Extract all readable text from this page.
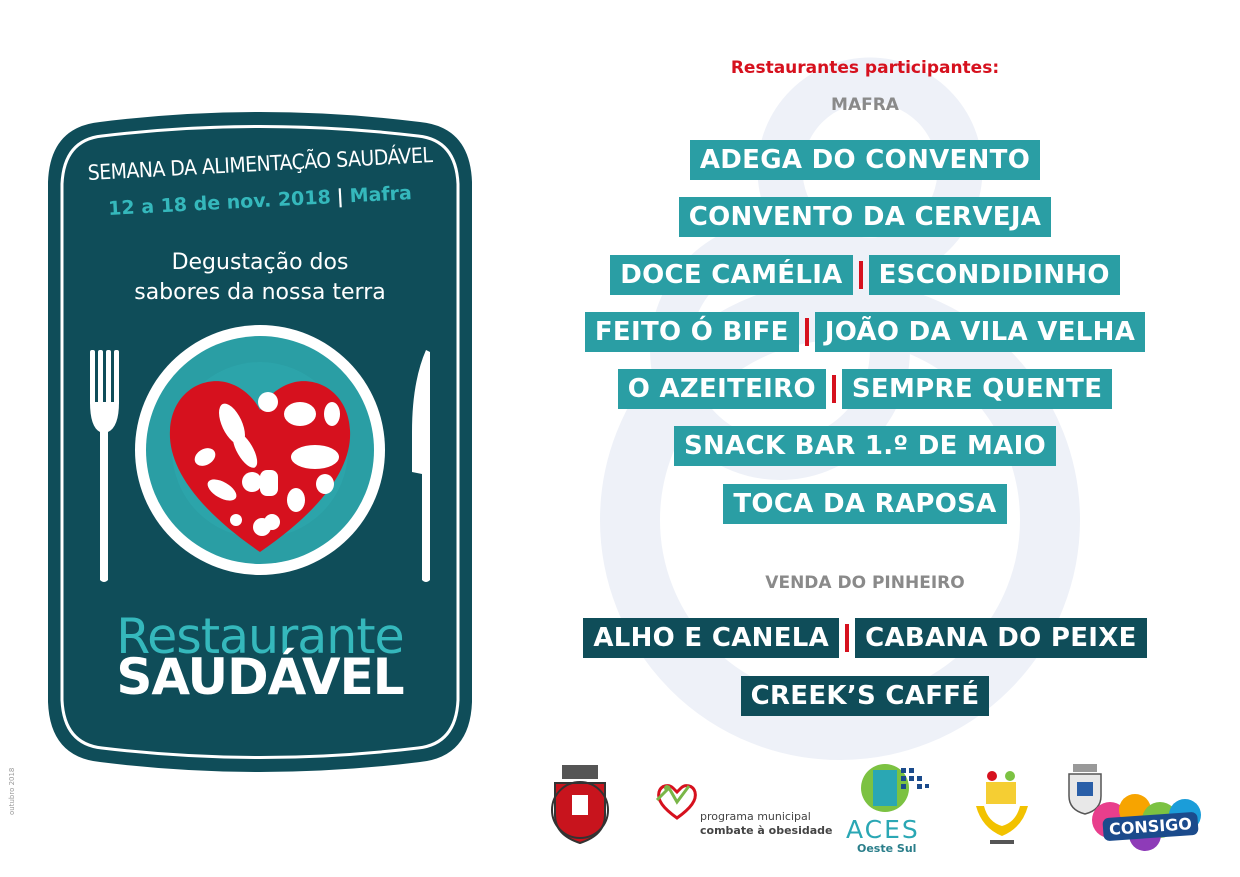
SEMANA DA ALIMENTAÇÃO SAUDÁVEL
12 a 18 de nov. 2018 | Mafra
Degustação dos
sabores da nossa terra
Restaurante
SAUDÁVEL
Restaurantes participantes:
MAFRA
ADEGA DO CONVENTO
CONVENTO DA CERVEJA
DOCE CAMÉLIA	ESCONDIDINHO
FEITO Ó BIFE	JOÃO DA VILA VELHA
O AZEITEIRO	SEMPRE QUENTE
SNACK BAR 1.º DE MAIO
TOCA DA RAPOSA
VENDA DO PINHEIRO
ALHO E CANELA	CABANA DO PEIXE
CREEK’S CAFFÉ
programa municipal
combate à obesidade ACES
Oeste Sul
CONSIGO
outubro 2018
